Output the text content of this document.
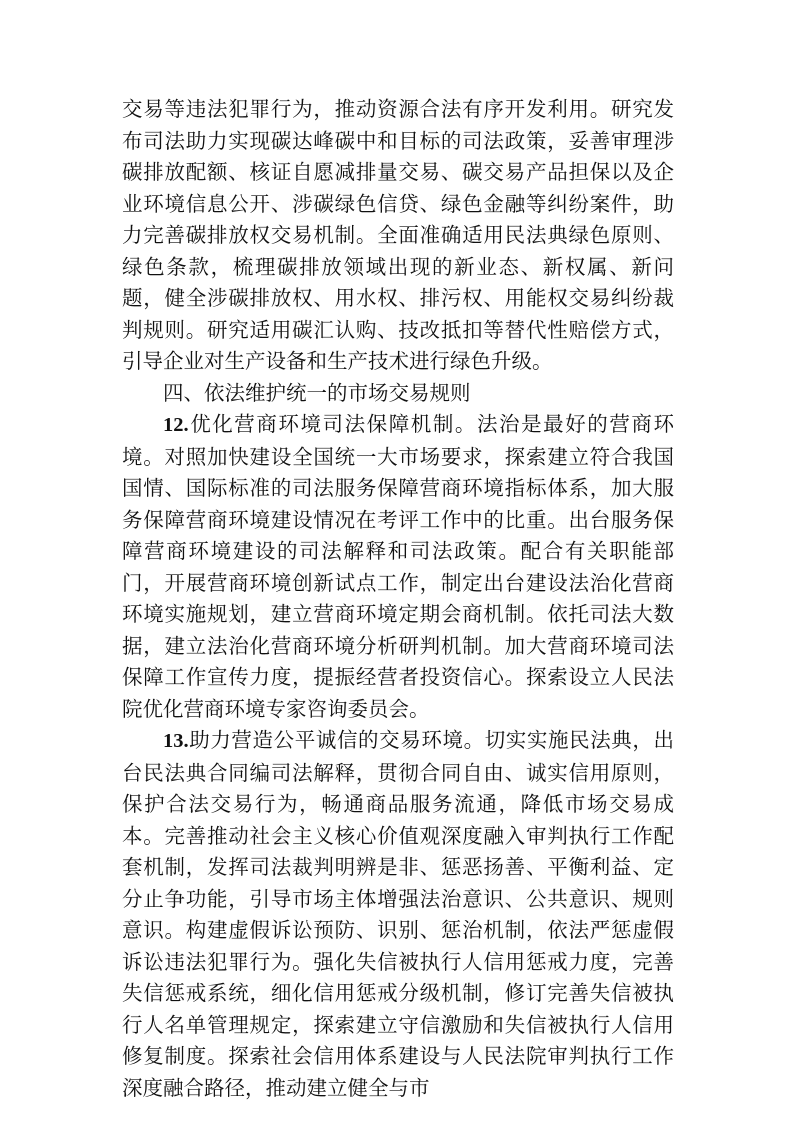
交易等违法犯罪行为，推动资源合法有序开发利用。研究发布司法助力实现碳达峰碳中和目标的司法政策，妥善审理涉碳排放配额、核证自愿减排量交易、碳交易产品担保以及企业环境信息公开、涉碳绿色信贷、绿色金融等纠纷案件，助力完善碳排放权交易机制。全面准确适用民法典绿色原则、绿色条款，梳理碳排放领域出现的新业态、新权属、新问题，健全涉碳排放权、用水权、排污权、用能权交易纠纷裁判规则。研究适用碳汇认购、技改抵扣等替代性赔偿方式，引导企业对生产设备和生产技术进行绿色升级。

四、依法维护统一的市场交易规则

12.优化营商环境司法保障机制。法治是最好的营商环境。对照加快建设全国统一大市场要求，探索建立符合我国国情、国际标准的司法服务保障营商环境指标体系，加大服务保障营商环境建设情况在考评工作中的比重。出台服务保障营商环境建设的司法解释和司法政策。配合有关职能部门，开展营商环境创新试点工作，制定出台建设法治化营商环境实施规划，建立营商环境定期会商机制。依托司法大数据，建立法治化营商环境分析研判机制。加大营商环境司法保障工作宣传力度，提振经营者投资信心。探索设立人民法院优化营商环境专家咨询委员会。

13.助力营造公平诚信的交易环境。切实实施民法典，出台民法典合同编司法解释，贯彻合同自由、诚实信用原则，保护合法交易行为，畅通商品服务流通，降低市场交易成本。完善推动社会主义核心价值观深度融入审判执行工作配套机制，发挥司法裁判明辨是非、惩恶扬善、平衡利益、定分止争功能，引导市场主体增强法治意识、公共意识、规则意识。构建虚假诉讼预防、识别、惩治机制，依法严惩虚假诉讼违法犯罪行为。强化失信被执行人信用惩戒力度，完善失信惩戒系统，细化信用惩戒分级机制，修订完善失信被执行人名单管理规定，探索建立守信激励和失信被执行人信用修复制度。探索社会信用体系建设与人民法院审判执行工作深度融合路径，推动建立健全与市
